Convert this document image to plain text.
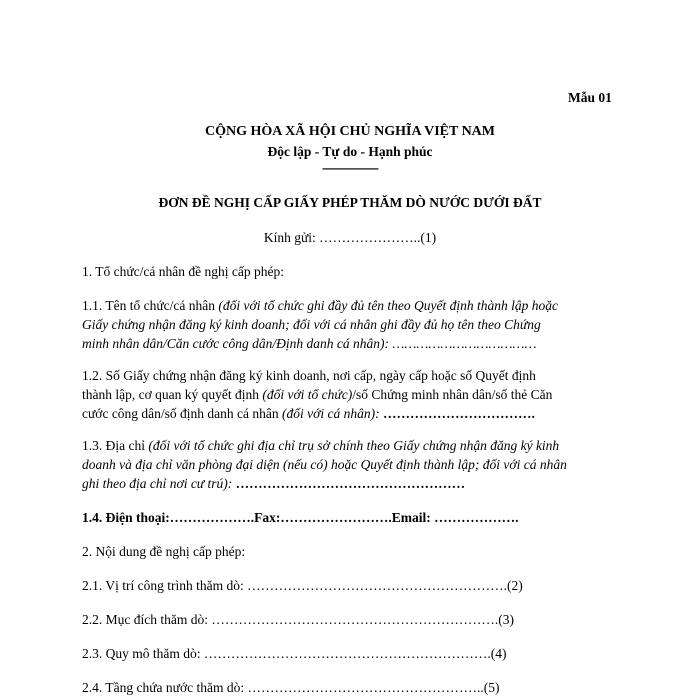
Mẫu 01
CỘNG HÒA XÃ HỘI CHỦ NGHĨA VIỆT NAM
Độc lập - Tự do - Hạnh phúc
----------------
ĐƠN ĐỀ NGHỊ CẤP GIẤY PHÉP THĂM DÒ NƯỚC DƯỚI ĐẤT
Kính gửi: …………………..(1)
1. Tổ chức/cá nhân đề nghị cấp phép:
1.1. Tên tổ chức/cá nhân (đối với tổ chức ghi đầy đủ tên theo Quyết định thành lập hoặc
Giấy chứng nhận đăng ký kinh doanh; đối với cá nhân ghi đầy đủ họ tên theo Chứng
minh nhân dân/Căn cước công dân/Định danh cá nhân): ………………………………
1.2. Số Giấy chứng nhận đăng ký kinh doanh, nơi cấp, ngày cấp hoặc số Quyết định
thành lập, cơ quan ký quyết định (đối với tổ chức)/số Chứng minh nhân dân/số thẻ Căn
cước công dân/số định danh cá nhân (đối với cá nhân): …………………………….
1.3. Địa chỉ (đối với tổ chức ghi địa chỉ trụ sở chính theo Giấy chứng nhận đăng ký kinh
doanh và địa chỉ văn phòng đại diện (nếu có) hoặc Quyết định thành lập; đối với cá nhân
ghi theo địa chỉ nơi cư trú): ……………………………………………
1.4. Điện thoại:……………….Fax:…………………….Email: ……………….
2. Nội dung đề nghị cấp phép:
2.1. Vị trí công trình thăm dò: ………………………………………………….(2)
2.2. Mục đích thăm dò: ……………………………………………………….(3)
2.3. Quy mô thăm dò: ……………………………………………………….(4)
2.4. Tầng chứa nước thăm dò: ……………………………………………..(5)
